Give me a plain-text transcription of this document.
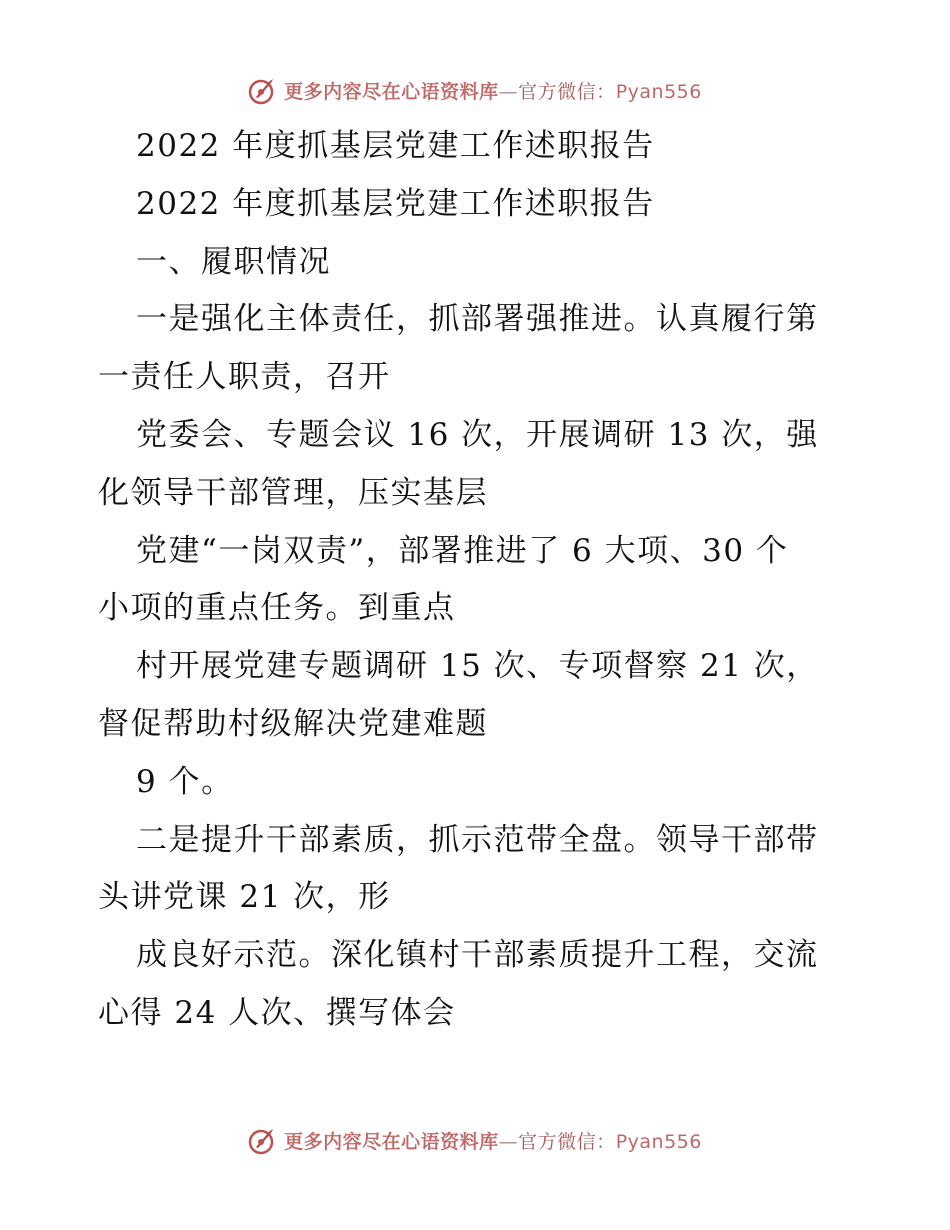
更多内容尽在心语资料库—官方微信：Pyan556
2022 年度抓基层党建工作述职报告
2022 年度抓基层党建工作述职报告
一、履职情况
一是强化主体责任，抓部署强推进。认真履行第
一责任人职责，召开
党委会、专题会议 16 次，开展调研 13 次，强
化领导干部管理，压实基层
党建“一岗双责”，部署推进了 6 大项、30 个
小项的重点任务。到重点
村开展党建专题调研 15 次、专项督察 21 次，
督促帮助村级解决党建难题
9 个。
二是提升干部素质，抓示范带全盘。领导干部带
头讲党课 21 次，形
成良好示范。深化镇村干部素质提升工程，交流
心得 24 人次、撰写体会
更多内容尽在心语资料库—官方微信：Pyan556
